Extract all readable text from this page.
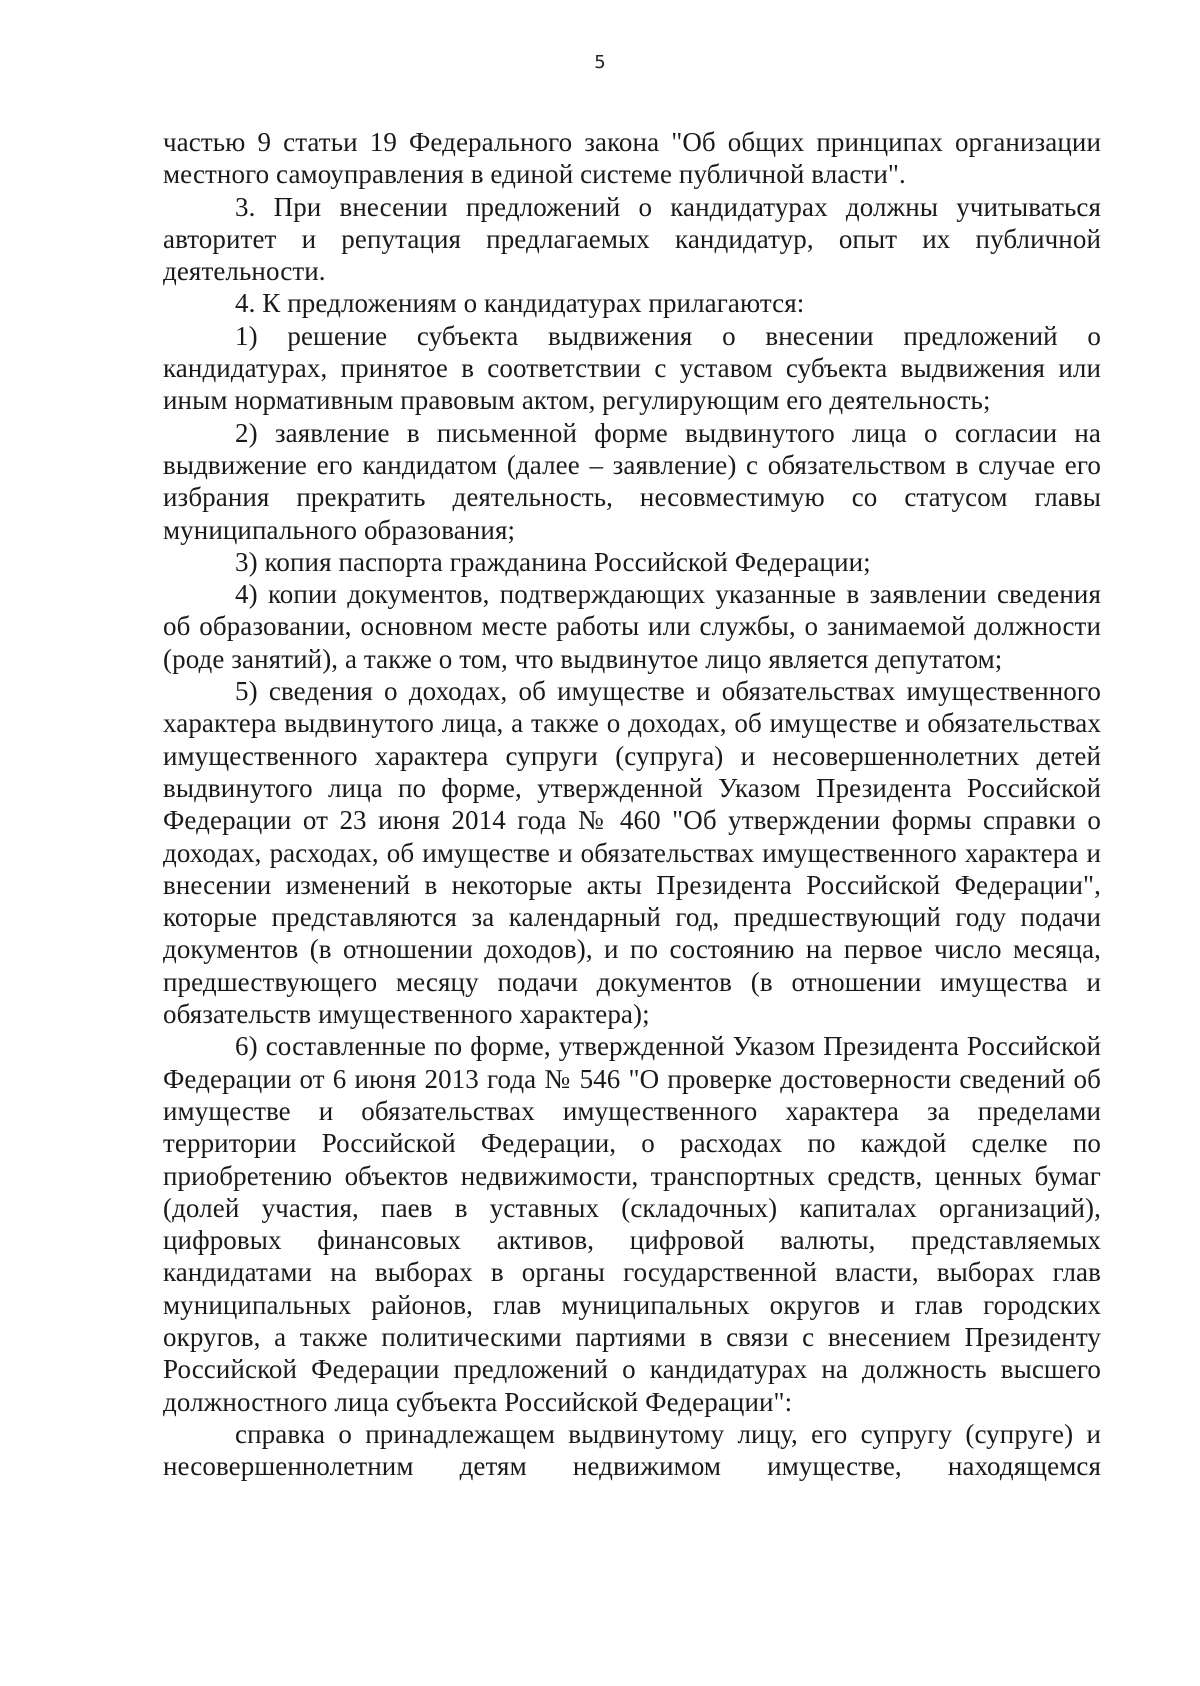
5

частью 9 статьи 19 Федерального закона "Об общих принципах организации местного самоуправления в единой системе публичной власти".

3. При внесении предложений о кандидатурах должны учитываться авторитет и репутация предлагаемых кандидатур, опыт их публичной деятельности.

4. К предложениям о кандидатурах прилагаются:

1) решение субъекта выдвижения о внесении предложений о кандидатурах, принятое в соответствии с уставом субъекта выдвижения или иным нормативным правовым актом, регулирующим его деятельность;

2) заявление в письменной форме выдвинутого лица о согласии на выдвижение его кандидатом (далее – заявление) с обязательством в случае его избрания прекратить деятельность, несовместимую со статусом главы муниципального образования;

3) копия паспорта гражданина Российской Федерации;

4) копии документов, подтверждающих указанные в заявлении сведения об образовании, основном месте работы или службы, о занимаемой должности (роде занятий), а также о том, что выдвинутое лицо является депутатом;

5) сведения о доходах, об имуществе и обязательствах имущественного характера выдвинутого лица, а также о доходах, об имуществе и обязательствах имущественного характера супруги (супруга) и несовершеннолетних детей выдвинутого лица по форме, утвержденной Указом Президента Российской Федерации от 23 июня 2014 года № 460 "Об утверждении формы справки о доходах, расходах, об имуществе и обязательствах имущественного характера и внесении изменений в некоторые акты Президента Российской Федерации", которые представляются за календарный год, предшествующий году подачи документов (в отношении доходов), и по состоянию на первое число месяца, предшествующего месяцу подачи документов (в отношении имущества и обязательств имущественного характера);

6) составленные по форме, утвержденной Указом Президента Российской Федерации от 6 июня 2013 года № 546 "О проверке достоверности сведений об имуществе и обязательствах имущественного характера за пределами территории Российской Федерации, о расходах по каждой сделке по приобретению объектов недвижимости, транспортных средств, ценных бумаг (долей участия, паев в уставных (складочных) капиталах организаций), цифровых финансовых активов, цифровой валюты, представляемых кандидатами на выборах в органы государственной власти, выборах глав муниципальных районов, глав муниципальных округов и глав городских округов, а также политическими партиями в связи с внесением Президенту Российской Федерации предложений о кандидатурах на должность высшего должностного лица субъекта Российской Федерации":

справка о принадлежащем выдвинутому лицу, его супругу (супруге) и несовершеннолетним детям недвижимом имуществе, находящемся
